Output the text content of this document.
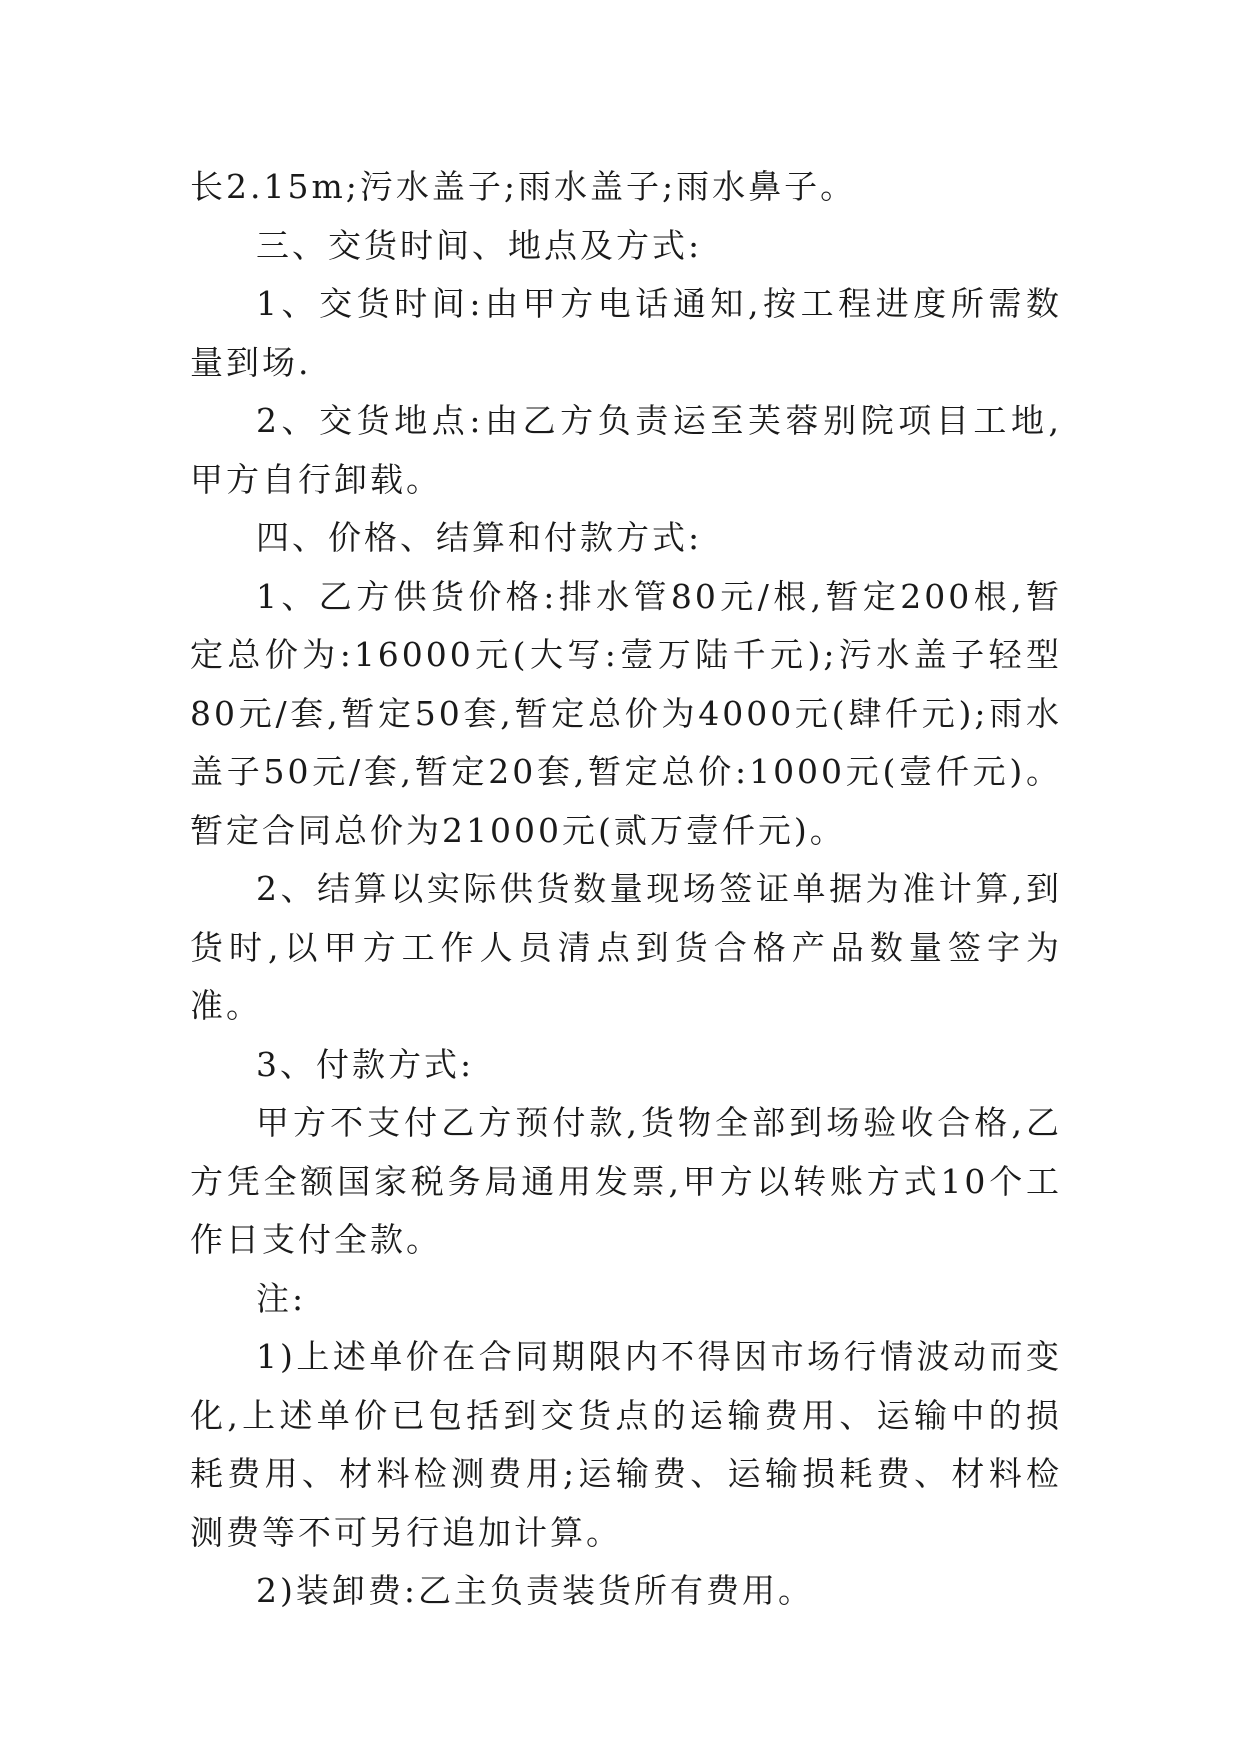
长2.15m;污水盖子;雨水盖子;雨水鼻子。

三、交货时间、地点及方式:

1、交货时间:由甲方电话通知,按工程进度所需数量到场.

2、交货地点:由乙方负责运至芙蓉别院项目工地,甲方自行卸载。

四、价格、结算和付款方式:

1、乙方供货价格:排水管80元/根,暂定200根,暂定总价为:16000元(大写:壹万陆千元);污水盖子轻型80元/套,暂定50套,暂定总价为4000元(肆仟元);雨水盖子50元/套,暂定20套,暂定总价:1000元(壹仟元)。暂定合同总价为21000元(贰万壹仟元)。

2、结算以实际供货数量现场签证单据为准计算,到货时,以甲方工作人员清点到货合格产品数量签字为准。

3、付款方式:

甲方不支付乙方预付款,货物全部到场验收合格,乙方凭全额国家税务局通用发票,甲方以转账方式10个工作日支付全款。

注:

1)上述单价在合同期限内不得因市场行情波动而变化,上述单价已包括到交货点的运输费用、运输中的损耗费用、材料检测费用;运输费、运输损耗费、材料检测费等不可另行追加计算。

2)装卸费:乙主负责装货所有费用。
